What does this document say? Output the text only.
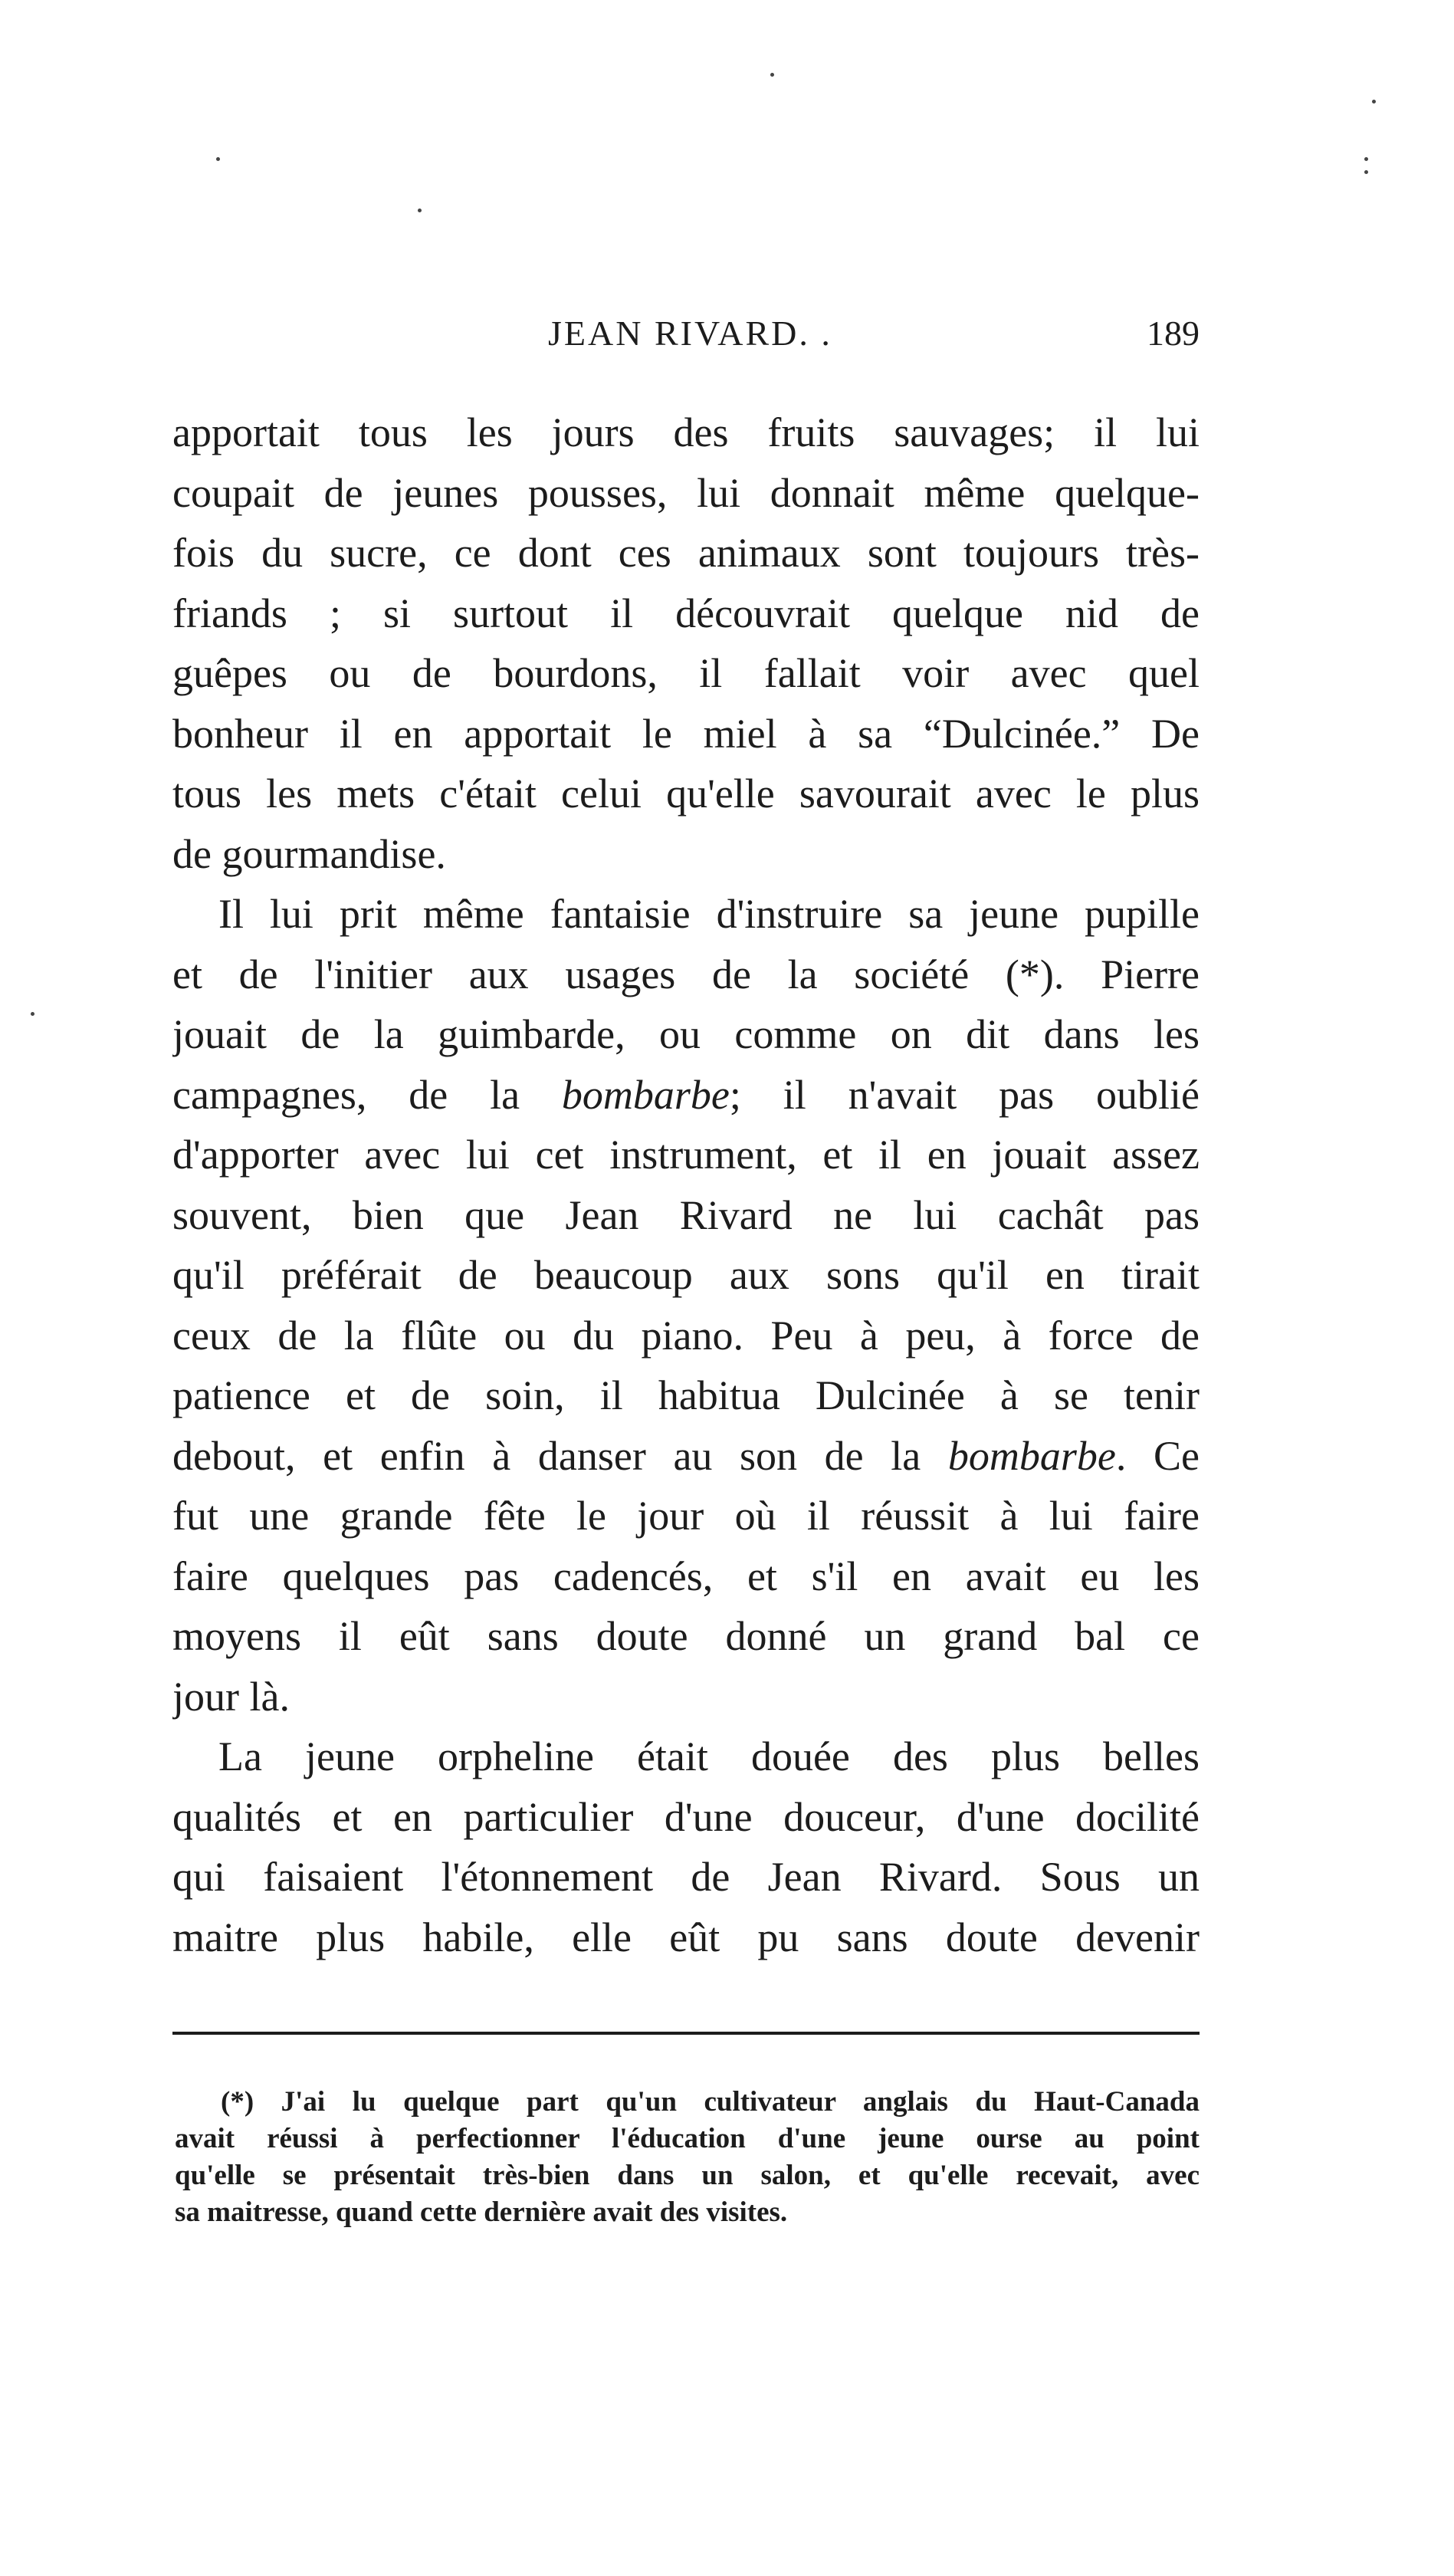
JEAN RIVARD. .	189
apportait tous les jours des fruits sauvages; il lui
coupait de jeunes pousses, lui donnait même quelque-
fois du sucre, ce dont ces animaux sont toujours très-
friands ; si surtout il découvrait quelque nid de
guêpes ou de bourdons, il fallait voir avec quel
bonheur il en apportait le miel à sa “Dulcinée.” De
tous les mets c'était celui qu'elle savourait avec le plus
de gourmandise.
Il lui prit même fantaisie d'instruire sa jeune pupille
et de l'initier aux usages de la société (*). Pierre
jouait de la guimbarde, ou comme on dit dans les
campagnes, de la bombarbe; il n'avait pas oublié
d'apporter avec lui cet instrument, et il en jouait assez
souvent, bien que Jean Rivard ne lui cachât pas
qu'il préférait de beaucoup aux sons qu'il en tirait
ceux de la flûte ou du piano. Peu à peu, à force de
patience et de soin, il habitua Dulcinée à se tenir
debout, et enfin à danser au son de la bombarbe. Ce
fut une grande fête le jour où il réussit à lui faire
faire quelques pas cadencés, et s'il en avait eu les
moyens il eût sans doute donné un grand bal ce
jour là.
La jeune orpheline était douée des plus belles
qualités et en particulier d'une douceur, d'une docilité
qui faisaient l'étonnement de Jean Rivard. Sous un
maitre plus habile, elle eût pu sans doute devenir
(*) J'ai lu quelque part qu'un cultivateur anglais du Haut-Canada
avait réussi à perfectionner l'éducation d'une jeune ourse au point
qu'elle se présentait très-bien dans un salon, et qu'elle recevait, avec
sa maitresse, quand cette dernière avait des visites.
